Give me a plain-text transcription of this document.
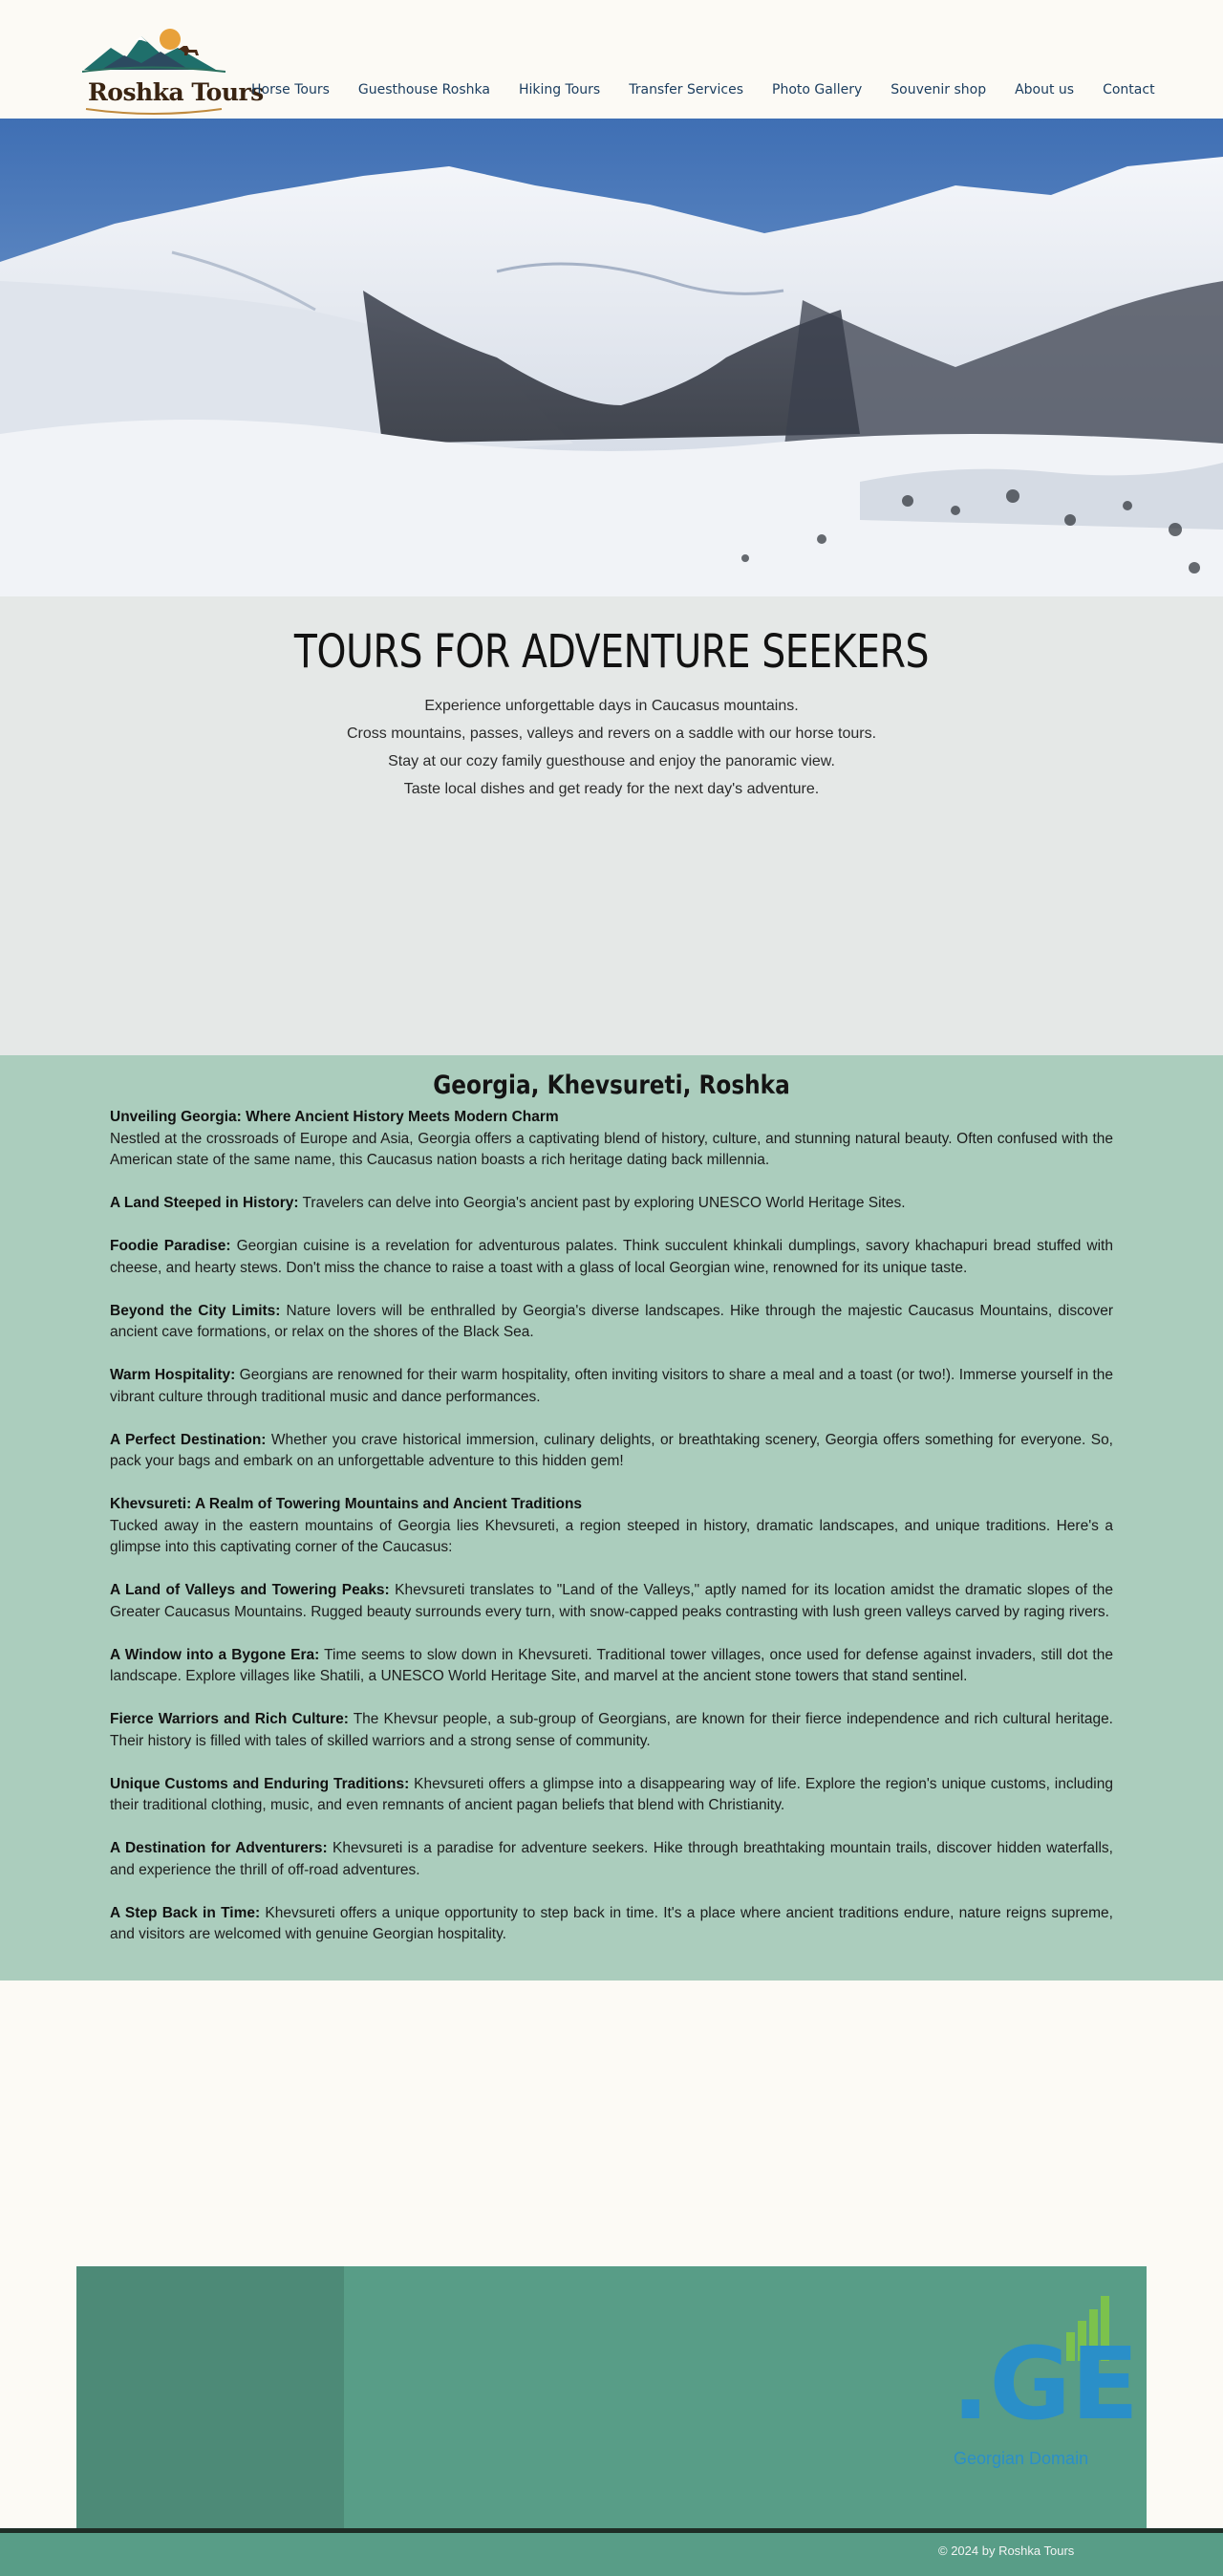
Roshka Tours
Horse Tours Guesthouse Roshka Hiking Tours Transfer Services Photo Gallery Souvenir shop About us Contact
TOURS FOR ADVENTURE SEEKERS
Experience unforgettable days in Caucasus mountains.
Cross mountains, passes, valleys and revers on a saddle with our horse tours.
Stay at our cozy family guesthouse and enjoy the panoramic view.
Taste local dishes and get ready for the next day's adventure.
Georgia, Khevsureti, Roshka

Unveiling Georgia: Where Ancient History Meets Modern Charm
Nestled at the crossroads of Europe and Asia, Georgia offers a captivating blend of history, culture, and stunning natural beauty. Often confused with the American state of the same name, this Caucasus nation boasts a rich heritage dating back millennia.

A Land Steeped in History: Travelers can delve into Georgia's ancient past by exploring UNESCO World Heritage Sites.

Foodie Paradise: Georgian cuisine is a revelation for adventurous palates. Think succulent khinkali dumplings, savory khachapuri bread stuffed with cheese, and hearty stews. Don't miss the chance to raise a toast with a glass of local Georgian wine, renowned for its unique taste.

Beyond the City Limits: Nature lovers will be enthralled by Georgia's diverse landscapes. Hike through the majestic Caucasus Mountains, discover ancient cave formations, or relax on the shores of the Black Sea.

Warm Hospitality: Georgians are renowned for their warm hospitality, often inviting visitors to share a meal and a toast (or two!). Immerse yourself in the vibrant culture through traditional music and dance performances.

A Perfect Destination: Whether you crave historical immersion, culinary delights, or breathtaking scenery, Georgia offers something for everyone. So, pack your bags and embark on an unforgettable adventure to this hidden gem!

Khevsureti: A Realm of Towering Mountains and Ancient Traditions
Tucked away in the eastern mountains of Georgia lies Khevsureti, a region steeped in history, dramatic landscapes, and unique traditions. Here's a glimpse into this captivating corner of the Caucasus:

A Land of Valleys and Towering Peaks: Khevsureti translates to "Land of the Valleys," aptly named for its location amidst the dramatic slopes of the Greater Caucasus Mountains. Rugged beauty surrounds every turn, with snow-capped peaks contrasting with lush green valleys carved by raging rivers.

A Window into a Bygone Era: Time seems to slow down in Khevsureti. Traditional tower villages, once used for defense against invaders, still dot the landscape. Explore villages like Shatili, a UNESCO World Heritage Site, and marvel at the ancient stone towers that stand sentinel.

Fierce Warriors and Rich Culture: The Khevsur people, a sub-group of Georgians, are known for their fierce independence and rich cultural heritage. Their history is filled with tales of skilled warriors and a strong sense of community.

Unique Customs and Enduring Traditions: Khevsureti offers a glimpse into a disappearing way of life. Explore the region's unique customs, including their traditional clothing, music, and even remnants of ancient pagan beliefs that blend with Christianity.

A Destination for Adventurers: Khevsureti is a paradise for adventure seekers. Hike through breathtaking mountain trails, discover hidden waterfalls, and experience the thrill of off-road adventures.

A Step Back in Time: Khevsureti offers a unique opportunity to step back in time. It's a place where ancient traditions endure, nature reigns supreme, and visitors are welcomed with genuine Georgian hospitality.

.GE
Georgian Domain
© 2024 by Roshka Tours
